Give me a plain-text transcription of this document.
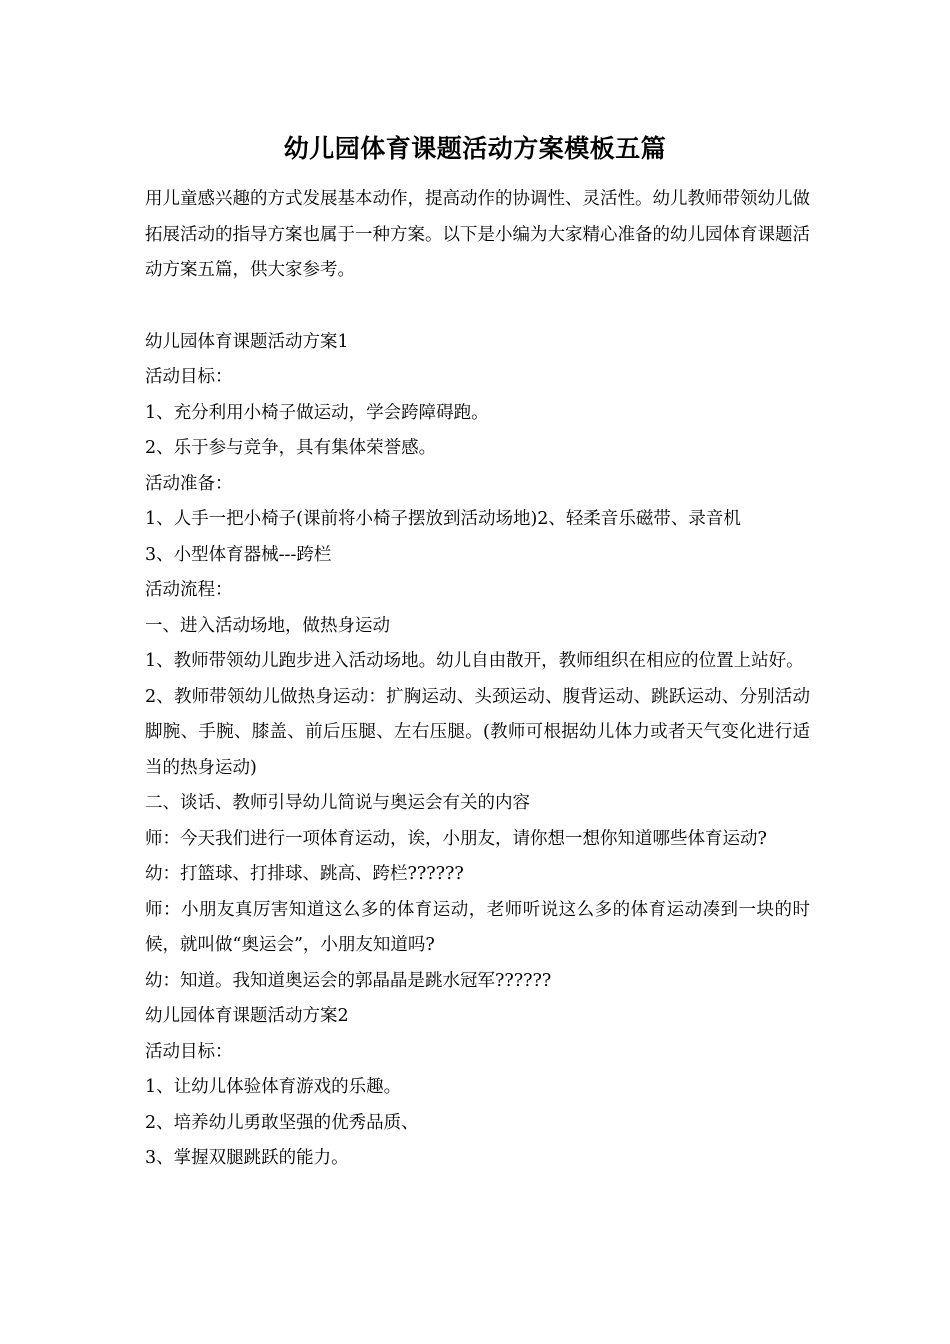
幼儿园体育课题活动方案模板五篇

用儿童感兴趣的方式发展基本动作，提高动作的协调性、灵活性。幼儿教师带领幼儿做拓展活动的指导方案也属于一种方案。以下是小编为大家精心准备的幼儿园体育课题活动方案五篇，供大家参考。

幼儿园体育课题活动方案1

活动目标：

1、充分利用小椅子做运动，学会跨障碍跑。

2、乐于参与竞争，具有集体荣誉感。

活动准备：

1、人手一把小椅子(课前将小椅子摆放到活动场地)2、轻柔音乐磁带、录音机

3、小型体育器械---跨栏

活动流程：

一、进入活动场地，做热身运动

1、教师带领幼儿跑步进入活动场地。幼儿自由散开，教师组织在相应的位置上站好。

2、教师带领幼儿做热身运动：扩胸运动、头颈运动、腹背运动、跳跃运动、分别活动脚腕、手腕、膝盖、前后压腿、左右压腿。(教师可根据幼儿体力或者天气变化进行适当的热身运动)

二、谈话、教师引导幼儿简说与奥运会有关的内容

师：今天我们进行一项体育运动，诶，小朋友，请你想一想你知道哪些体育运动?

幼：打篮球、打排球、跳高、跨栏??????

师：小朋友真厉害知道这么多的体育运动，老师听说这么多的体育运动凑到一块的时候，就叫做“奥运会”，小朋友知道吗?

幼：知道。我知道奥运会的郭晶晶是跳水冠军??????

幼儿园体育课题活动方案2

活动目标：

1、让幼儿体验体育游戏的乐趣。

2、培养幼儿勇敢坚强的优秀品质、

3、掌握双腿跳跃的能力。
